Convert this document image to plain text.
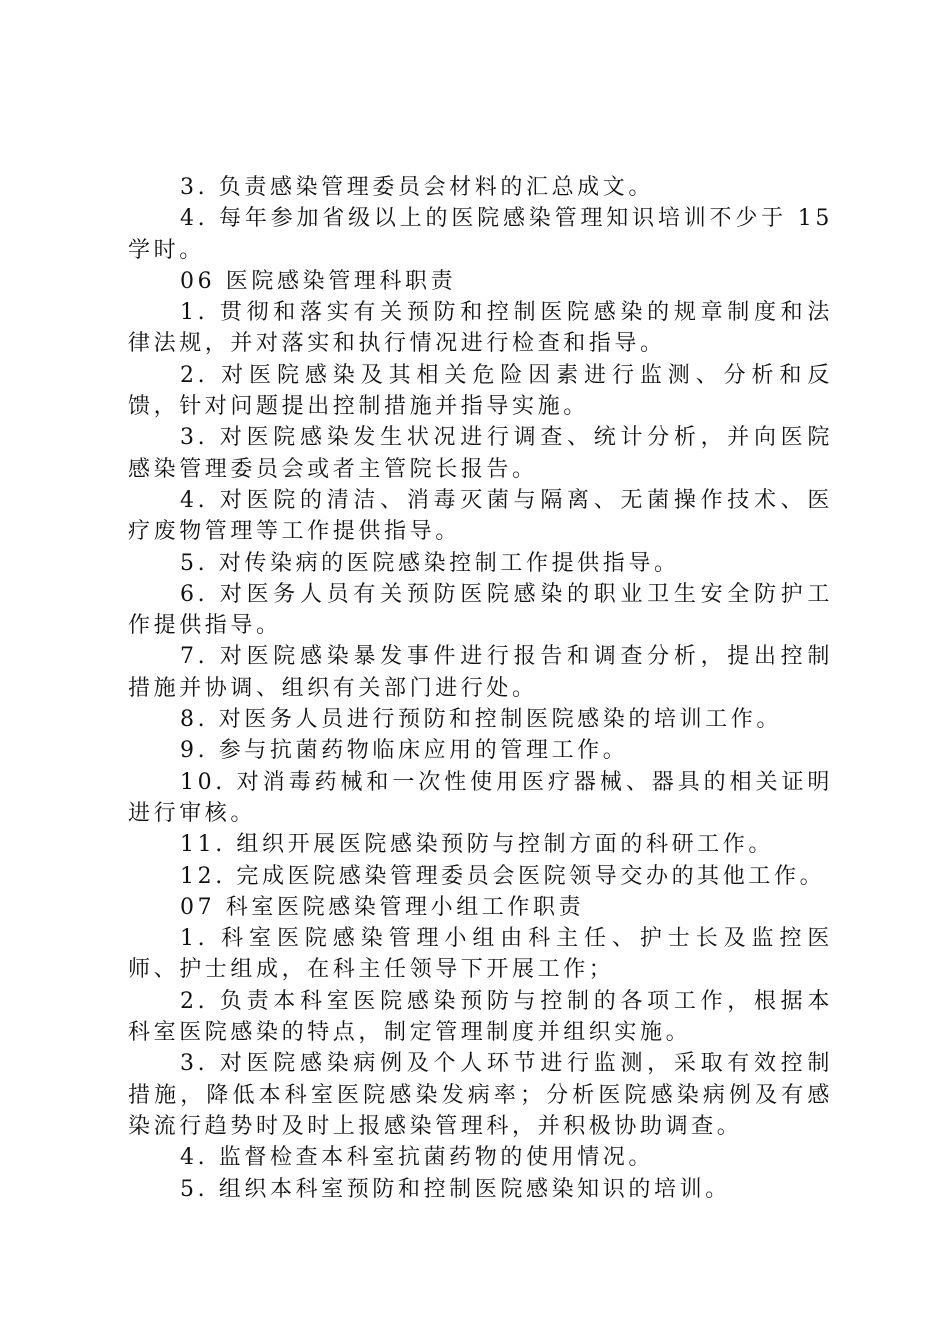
3. 负责感染管理委员会材料的汇总成文。

4. 每年参加省级以上的医院感染管理知识培训不少于 15 学时。

06 医院感染管理科职责

1. 贯彻和落实有关预防和控制医院感染的规章制度和法律法规，并对落实和执行情况进行检查和指导。

2. 对医院感染及其相关危险因素进行监测、分析和反馈，针对问题提出控制措施并指导实施。

3. 对医院感染发生状况进行调查、统计分析，并向医院感染管理委员会或者主管院长报告。

4. 对医院的清洁、消毒灭菌与隔离、无菌操作技术、医疗废物管理等工作提供指导。

5. 对传染病的医院感染控制工作提供指导。

6. 对医务人员有关预防医院感染的职业卫生安全防护工作提供指导。

7. 对医院感染暴发事件进行报告和调查分析，提出控制措施并协调、组织有关部门进行处。

8. 对医务人员进行预防和控制医院感染的培训工作。

9. 参与抗菌药物临床应用的管理工作。

10. 对消毒药械和一次性使用医疗器械、器具的相关证明进行审核。

11. 组织开展医院感染预防与控制方面的科研工作。

12. 完成医院感染管理委员会医院领导交办的其他工作。

07 科室医院感染管理小组工作职责

1. 科室医院感染管理小组由科主任、护士长及监控医师、护士组成，在科主任领导下开展工作；

2. 负责本科室医院感染预防与控制的各项工作，根据本科室医院感染的特点，制定管理制度并组织实施。

3. 对医院感染病例及个人环节进行监测，采取有效控制措施，降低本科室医院感染发病率；分析医院感染病例及有感染流行趋势时及时上报感染管理科，并积极协助调查。

4. 监督检查本科室抗菌药物的使用情况。

5. 组织本科室预防和控制医院感染知识的培训。
